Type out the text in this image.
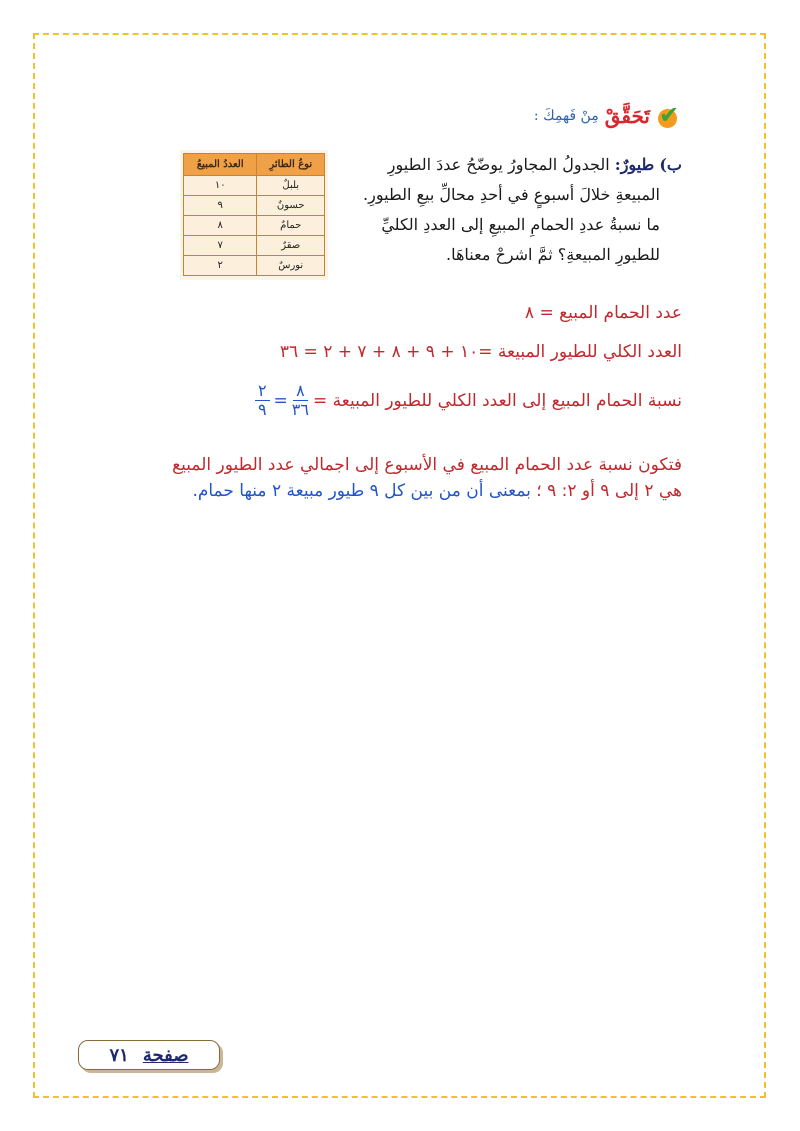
✔
تَحَقَّقْ
مِنْ فَهمِكَ :
ب) طيورٌ: الجدولُ المجاورُ يوضّحُ عددَ الطيورِ
المبيعةِ خلالَ أسبوعٍ في أحدِ محالِّ بيعِ الطيورِ.
ما نسبةُ عددِ الحمامِ المبيعِ إلى العددِ الكليِّ
للطيورِ المبيعةِ؟ ثمَّ اشرحْ معناهَا.
نوعُ الطائرِ	العددُ المبيعُ
بلبلٌ	١٠
حسونٌ	٩
حمامٌ	٨
صقرٌ	٧
نورسٌ	٢
عدد الحمام المبيع = ٨
العدد الكلي للطيور المبيعة =١٠ + ٩ + ٨ + ٧ + ٢ = ٣٦
نسبة الحمام المبيع إلى العدد الكلي للطيور المبيعة =
$\frac{٨}{٣٦}$
=
$\frac{٢}{٩}$
فتكون نسبة عدد الحمام المبيع في الأسبوع إلى اجمالي عدد الطيور المبيع
هي ٢ إلى ٩ أو ٢: ٩ ؛ بمعنى أن من بين كل ٩ طيور مبيعة ٢ منها حمام.
صفحة
٧١
